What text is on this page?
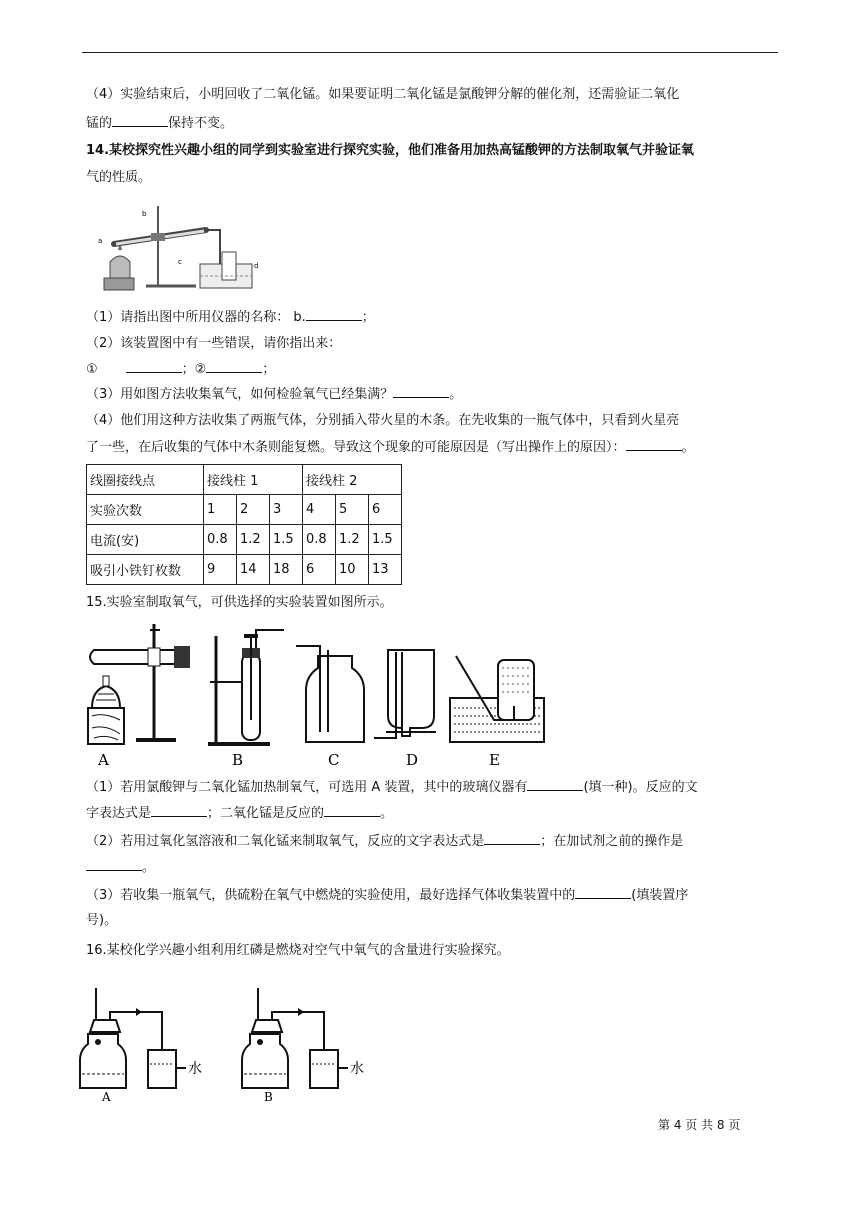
（4）实验结束后，小明回收了二氧化锰。如果要证明二氧化锰是氯酸钾分解的催化剂，还需验证二氧化
锰的	保持不变。
14.某校探究性兴趣小组的同学到实验室进行探究实验，他们准备用加热高锰酸钾的方法制取氧气并验证氧
气的性质。
a
b
c	d
（1）请指出图中所用仪器的名称： b.	；
（2）该装置图中有一些错误，请你指出来：
①	；②	；
（3）用如图方法收集氧气，如何检验氧气已经集满？	。
（4）他们用这种方法收集了两瓶气体，分别插入带火星的木条。在先收集的一瓶气体中，只看到火星亮
了一些，在后收集的气体中木条则能复燃。导致这个现象的可能原因是（写出操作上的原因）：	。
线圈接线点	接线柱 1			接线柱 2		
实验次数	1	2	3	4	5	6
电流(安)	0.8	1.2	1.5	0.8	1.2	1.5
吸引小铁钉枚数	9	14	18	6	10	13
15.实验室制取氧气，可供选择的实验装置如图所示。
A	B	C	D	E
（1）若用氯酸钾与二氧化锰加热制氧气，可选用 A 装置，其中的玻璃仪器有	(填一种)。反应的文
字表达式是	；二氧化锰是反应的	。
（2）若用过氧化氢溶液和二氧化锰来制取氧气，反应的文字表达式是	；在加试剂之前的操作是
。
（3）若收集一瓶氧气，供硫粉在氧气中燃烧的实验使用，最好选择气体收集装置中的	(填装置序
号)。
16.某校化学兴趣小组利用红磷是燃烧对空气中氧气的含量进行实验探究。
水
A
水
B
第 4 页 共 8 页
